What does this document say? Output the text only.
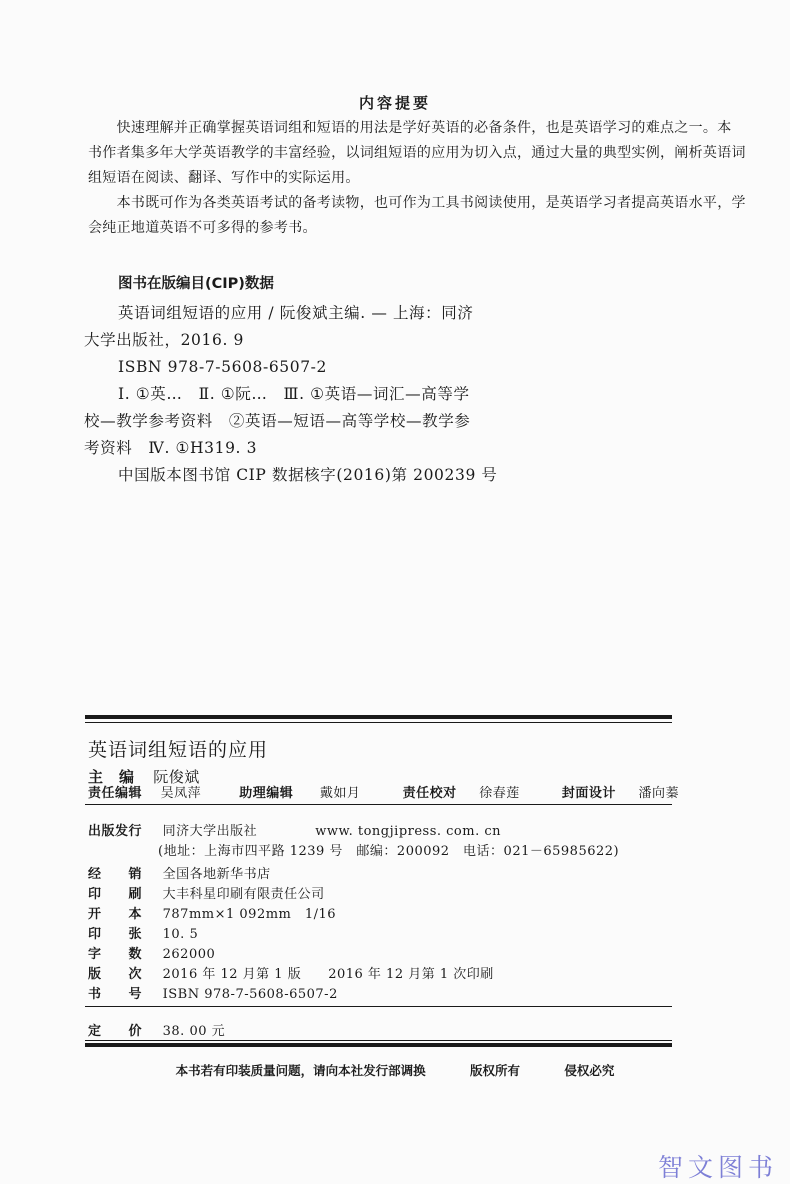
内容提要

　　快速理解并正确掌握英语词组和短语的用法是学好英语的必备条件，也是英语学习的难点之一。本

书作者集多年大学英语教学的丰富经验，以词组短语的应用为切入点，通过大量的典型实例，阐析英语词

组短语在阅读、翻译、写作中的实际运用。

　　本书既可作为各类英语考试的备考读物，也可作为工具书阅读使用，是英语学习者提高英语水平，学

会纯正地道英语不可多得的参考书。

图书在版编目(CIP)数据
英语词组短语的应用 / 阮俊斌主编. — 上海：同济
大学出版社，2016. 9
ISBN 978-7-5608-6507-2
Ⅰ. ①英…　Ⅱ. ①阮…　Ⅲ. ①英语—词汇—高等学
校—教学参考资料　②英语—短语—高等学校—教学参
考资料　Ⅳ. ①H319. 3
中国版本图书馆 CIP 数据核字(2016)第 200239 号
英语词组短语的应用
主　编 阮俊斌
责任编辑 吴凤萍	助理编辑 戴如月	责任校对 徐春莲	封面设计 潘向蓁
出版发行 同济大学出版社	www. tongjipress. com. cn
(地址：上海市四平路 1239 号　邮编：200092　电话：021－65985622)
经　　销 全国各地新华书店
印　　刷 大丰科星印刷有限责任公司
开　　本 787mm×1 092mm　1/16
印　　张 10. 5
字　　数 262000
版　　次 2016 年 12 月第 1 版　　2016 年 12 月第 1 次印刷
书　　号 ISBN 978-7-5608-6507-2
定　　价 38. 00 元
本书若有印装质量问题，请向本社发行部调换	版权所有	侵权必究
智文图书
